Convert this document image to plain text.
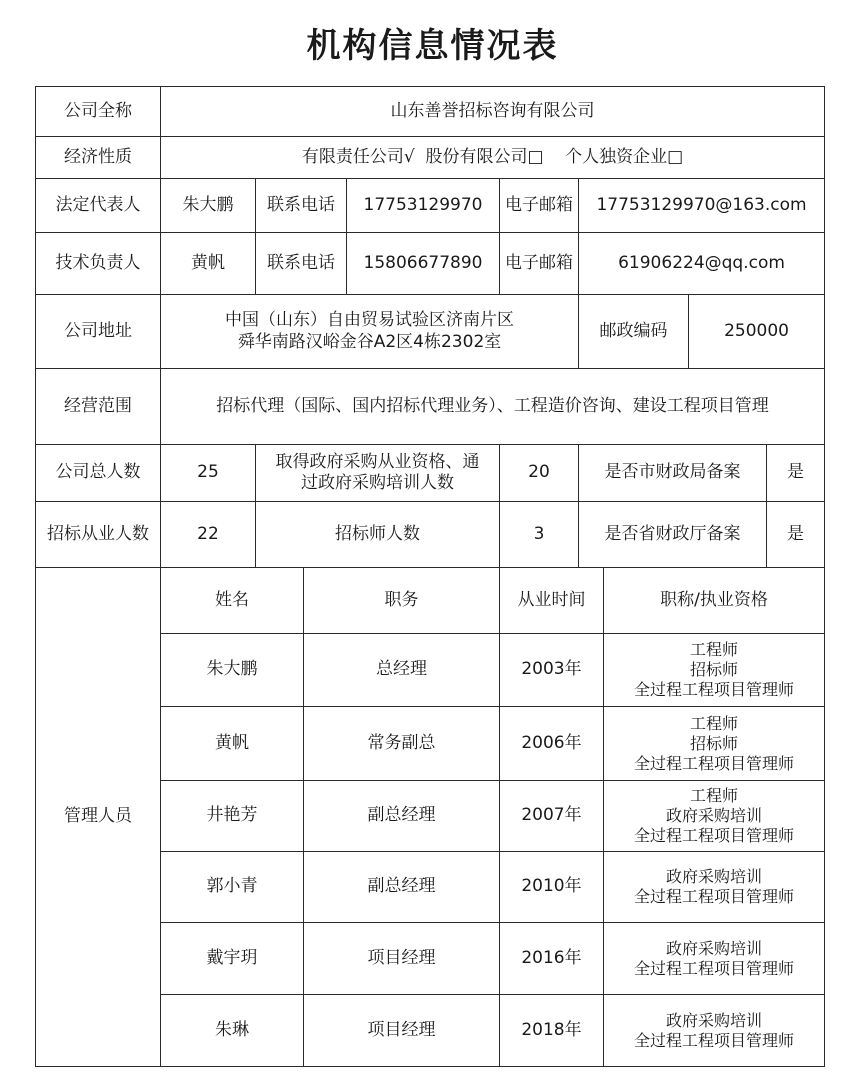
机构信息情况表
公司全称	山东善誉招标咨询有限公司								
经济性质	有限责任公司√  股份有限公司□    个人独资企业□								
法定代表人	朱大鹏	联系电话		17753129970	电子邮箱	17753129970@163.com			
技术负责人	黄帆	联系电话		15806677890	电子邮箱	61906224@qq.com			
公司地址	中国（山东）自由贸易试验区济南片区
舜华南路汉峪金谷A2区4栋2302室					邮政编码		250000	
经营范围	招标代理（国际、国内招标代理业务）、工程造价咨询、建设工程项目管理								
公司总人数	25	取得政府采购从业资格、通
过政府采购培训人数			20	是否市财政局备案			是
招标从业人数	22	招标师人数			3	是否省财政厅备案			是
管理人员	姓名		职务		从业时间		职称/执业资格		
	朱大鹏		总经理		2003年		工程师
招标师
全过程工程项目管理师		

	黄帆		常务副总		2006年		工程师
招标师
全过程工程项目管理师		

	井艳芳		副总经理		2007年		工程师
政府采购培训
全过程工程项目管理师		

	郭小青		副总经理		2010年		政府采购培训
全过程工程项目管理师		

	戴宇玥		项目经理		2016年		政府采购培训
全过程工程项目管理师		

	朱琳		项目经理		2018年		政府采购培训
全过程工程项目管理师		
